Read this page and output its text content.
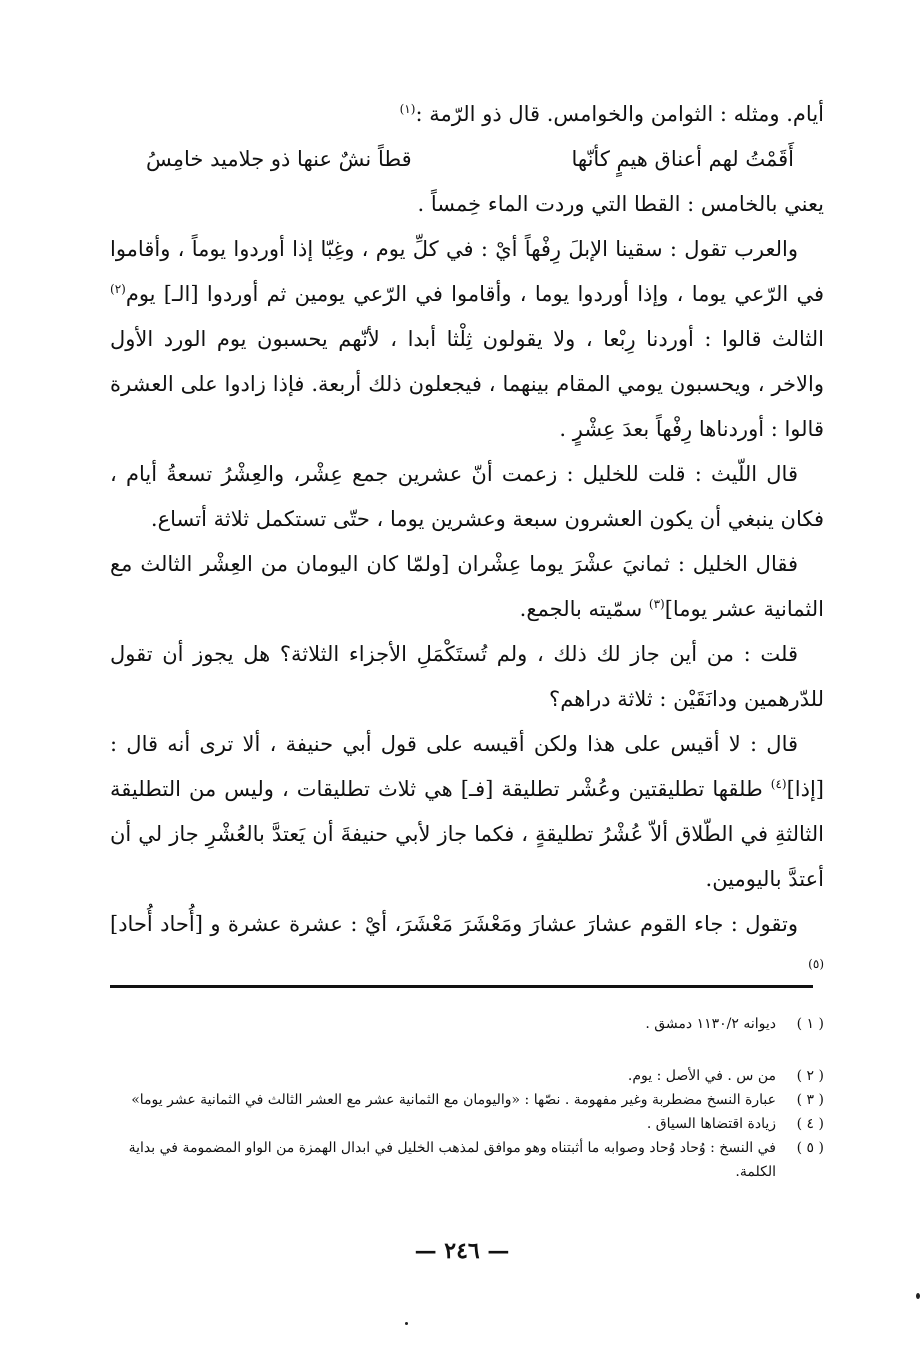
أيام. ومثله : الثوامن والخوامس. قال ذو الرّمة :$^{(١)}$

أَقَمْتُ لهم أعناق هيمٍ كأنّها
قطاً نشٌ عنها ذو جلاميد خامِسُ

يعني بالخامس : القطا التي وردت الماء خِمساً .

والعرب تقول : سقينا الإبلَ رِفْهاً أيْ : في كلِّ يوم ، وغِبّا إذا أوردوا يوماً ، وأقاموا في الرّعي يوما ، وإذا أوردوا يوما ، وأقاموا في الرّعي يومين ثم أوردوا [الـ] يوم$^{(٢)}$ الثالث قالوا : أوردنا رِبْعا ، ولا يقولون ثِلْثا أبدا ، لأنّهم يحسبون يوم الورد الأول والاخر ، ويحسبون يومي المقام بينهما ، فيجعلون ذلك أربعة. فإذا زادوا على العشرة قالوا : أوردناها رِفْهاً بعدَ عِشْرٍ .

قال اللّيث : قلت للخليل : زعمت أنّ عشرين جمع عِشْر، والعِشْرُ تسعةُ أيام ، فكان ينبغي أن يكون العشرون سبعة وعشرين يوما ، حتّى تستكمل ثلاثة أتساع.

فقال الخليل : ثمانيَ عشْرَ يوما عِشْران [ولمّا كان اليومان من العِشْر الثالث مع الثمانية عشر يوما]$^{(٣)}$ سمّيته بالجمع.

قلت : من أين جاز لك ذلك ، ولم تُستَكْمَلِ الأجزاء الثلاثة؟ هل يجوز أن تقول للدّرهمين ودانَقَيْن : ثلاثة دراهم؟

قال : لا أقيس على هذا ولكن أقيسه على قول أبي حنيفة ، ألا ترى أنه قال : [إذا]$^{(٤)}$ طلقها تطليقتين وعُشْر تطليقة [فـ] هي ثلاث تطليقات ، وليس من التطليقة الثالثةِ في الطّلاق ألاّ عُشْرُ تطليقةٍ ، فكما جاز لأبي حنيفةَ أن يَعتدَّ بالعُشْرِ جاز لي أن أعتدَّ باليومين.

وتقول : جاء القوم عشارَ عشارَ ومَعْشَرَ مَعْشَرَ، أيْ : عشرة عشرة و [أُحاد أُحاد]$^{(٥)}$

( ١ )
ديوانه ١١٣٠/٢ دمشق .
( ٢ )
من س . في الأصل : يوم.
( ٣ )
عبارة النسخ مضطربة وغير مفهومة . نصّها : «واليومان مع الثمانية عشر مع العشر الثالث في الثمانية عشر يوما»
( ٤ )
زيادة اقتضاها السياق .
( ٥ )
في النسخ : وُحاد وُحاد وصوابه ما أثبتناه وهو موافق لمذهب الخليل في ابدال الهمزة من الواو المضمومة في بداية الكلمة.
— ٢٤٦ —
